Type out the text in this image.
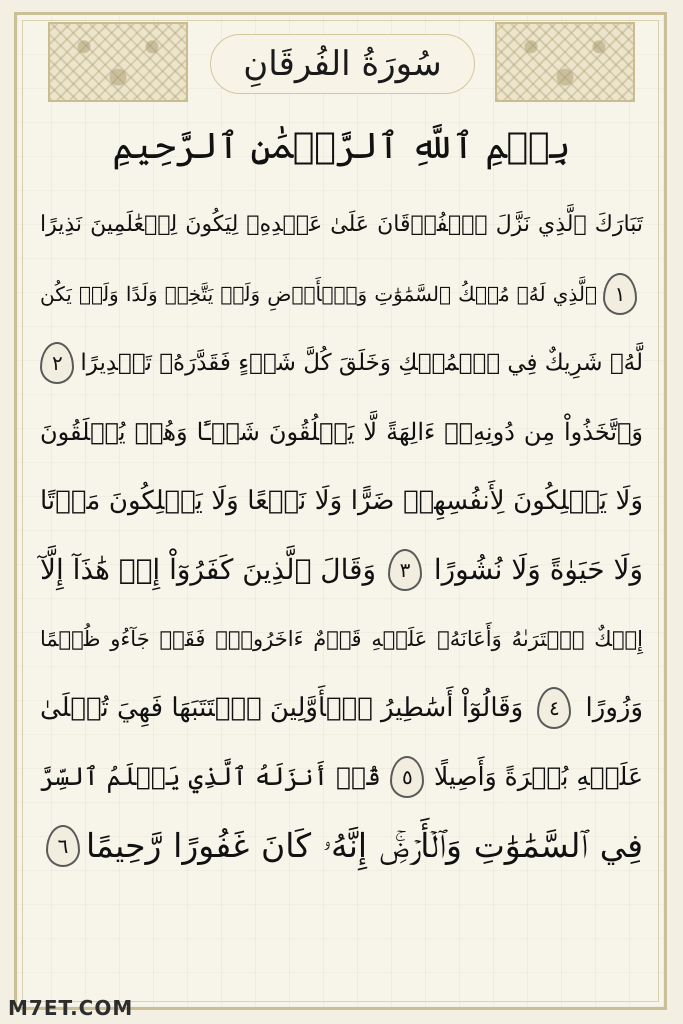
سُورَةُ الفُرقَانِ
بِسۡمِ ٱللَّهِ ٱلرَّحۡمَٰنِ ٱلرَّحِيمِ
تَبَارَكَ ٱلَّذِي نَزَّلَ ٱلۡفُرۡقَانَ عَلَىٰ عَبۡدِهِۦ لِيَكُونَ لِلۡعَٰلَمِينَ نَذِيرًا
١
ٱلَّذِي لَهُۥ مُلۡكُ ٱلسَّمَٰوَٰتِ وَٱلۡأَرۡضِ وَلَمۡ يَتَّخِذۡ وَلَدًا وَلَمۡ يَكُن
لَّهُۥ شَرِيكٌ فِي ٱلۡمُلۡكِ وَخَلَقَ كُلَّ شَيۡءٍ فَقَدَّرَهُۥ تَقۡدِيرًا
٢
وَٱتَّخَذُواْ مِن دُونِهِۦٓ ءَالِهَةً لَّا يَخۡلُقُونَ شَيۡـًٔا وَهُمۡ يُخۡلَقُونَ
وَلَا يَمۡلِكُونَ لِأَنفُسِهِمۡ ضَرًّا وَلَا نَفۡعًا وَلَا يَمۡلِكُونَ مَوۡتًا
وَلَا حَيَوٰةً وَلَا نُشُورًا
٣
وَقَالَ ٱلَّذِينَ كَفَرُوٓاْ إِنۡ هَٰذَآ إِلَّآ
إِفۡكٌ ٱفۡتَرَىٰهُ وَأَعَانَهُۥ عَلَيۡهِ قَوۡمٌ ءَاخَرُونَۖ فَقَدۡ جَآءُو ظُلۡمًا
وَزُورًا
٤
وَقَالُوٓاْ أَسَٰطِيرُ ٱلۡأَوَّلِينَ ٱكۡتَتَبَهَا فَهِيَ تُمۡلَىٰ
عَلَيۡهِ بُكۡرَةً وَأَصِيلًا
٥
قُلۡ أَنزَلَهُ ٱلَّذِي يَعۡلَمُ ٱلسِّرَّ
فِي ٱلسَّمَٰوَٰتِ وَٱلۡأَرۡضِۚ إِنَّهُۥ كَانَ غَفُورًا رَّحِيمًا
٦
M7ET.COM
